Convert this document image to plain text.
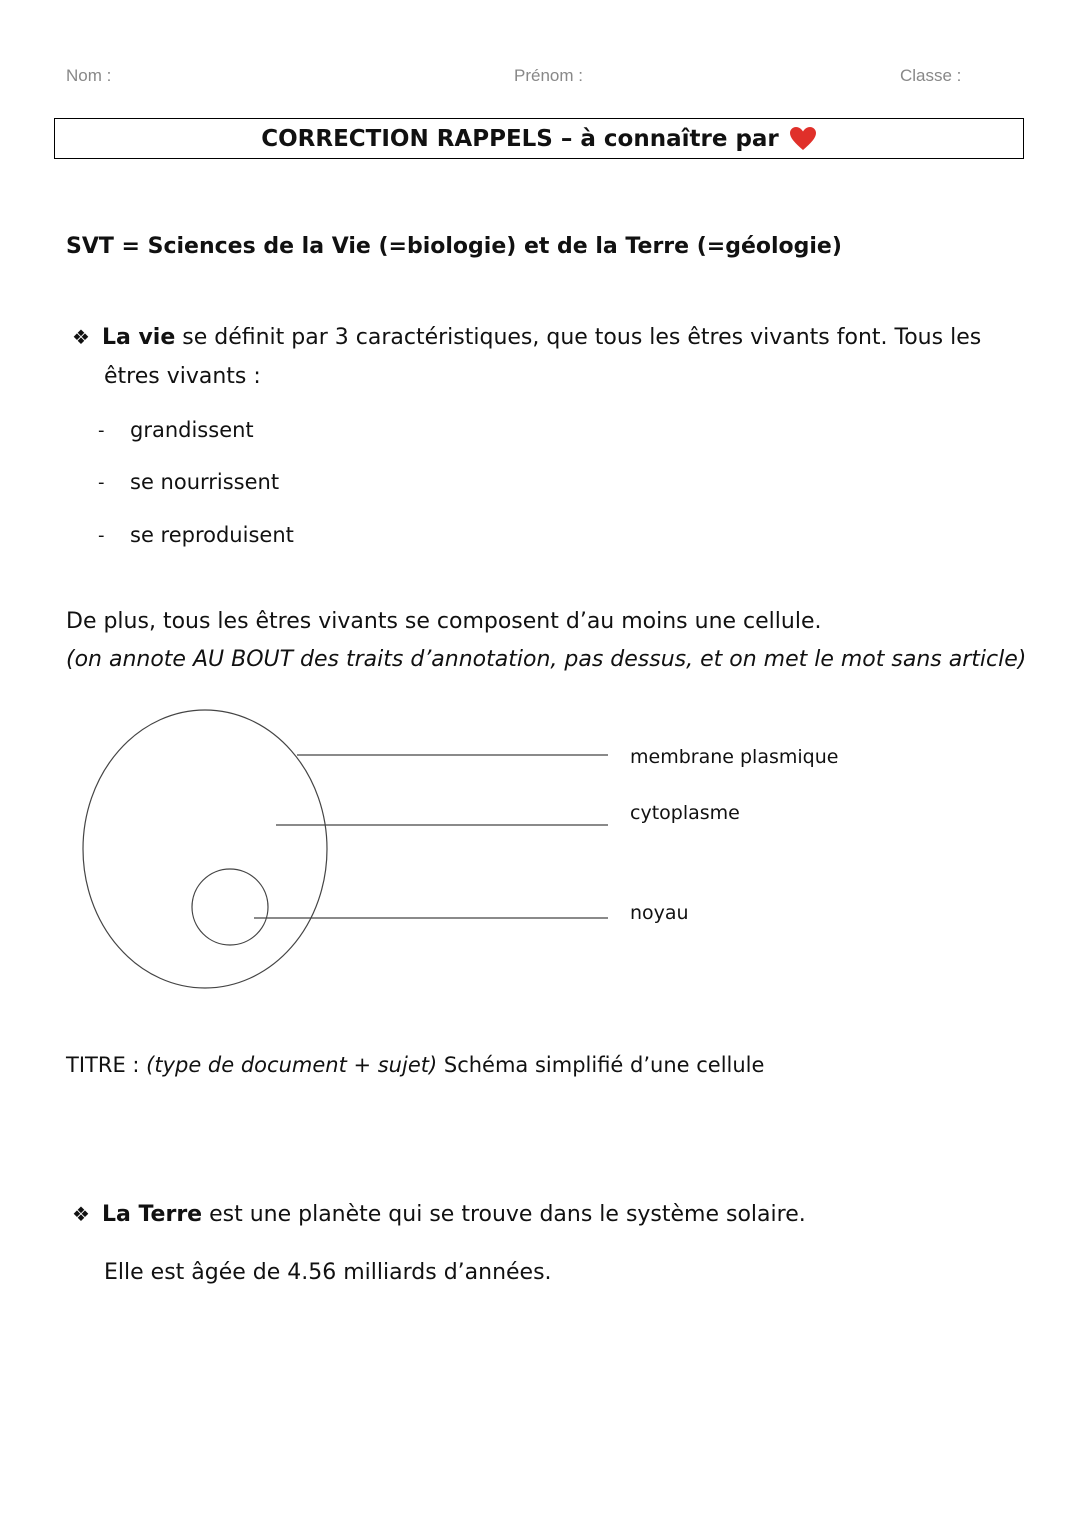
Nom :	Prénom :	Classe :
CORRECTION RAPPELS – à connaître par
SVT = Sciences de la Vie (=biologie) et de la Terre (=géologie)
❖ La vie se définit par 3 caractéristiques, que tous les êtres vivants font. Tous les
êtres vivants :
- grandissent
- se nourrissent
- se reproduisent
De plus, tous les êtres vivants se composent d’au moins une cellule.
(on annote AU BOUT des traits d’annotation, pas dessus, et on met le mot sans article)
membrane plasmique
cytoplasme
noyau
TITRE : (type de document + sujet) Schéma simplifié d’une cellule
❖ La Terre est une planète qui se trouve dans le système solaire.
Elle est âgée de 4.56 milliards d’années.
